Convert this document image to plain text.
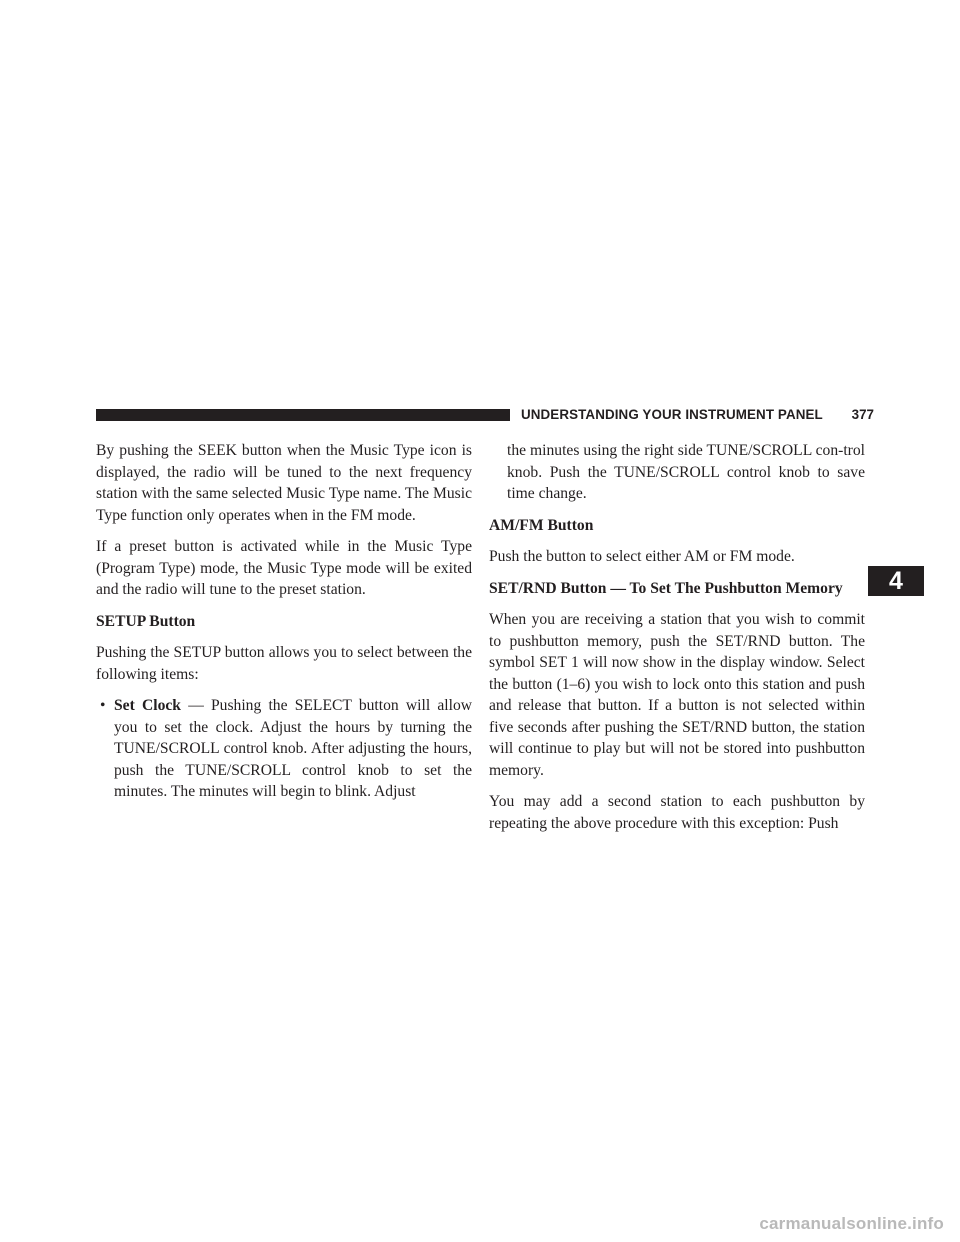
UNDERSTANDING YOUR INSTRUMENT PANEL	377
4

By pushing the SEEK button when the Music Type icon is displayed, the radio will be tuned to the next frequency station with the same selected Music Type name. The Music Type function only operates when in the FM mode.

If a preset button is activated while in the Music Type (Program Type) mode, the Music Type mode will be exited and the radio will tune to the preset station.

SETUP Button

Pushing the SETUP button allows you to select between the following items:

• Set Clock — Pushing the SELECT button will allow you to set the clock. Adjust the hours by turning the TUNE/SCROLL control knob. After adjusting the hours, push the TUNE/SCROLL control knob to set the minutes. The minutes will begin to blink. Adjust

the minutes using the right side TUNE/SCROLL con-trol knob. Push the TUNE/SCROLL control knob to save time change.

AM/FM Button

Push the button to select either AM or FM mode.

SET/RND Button — To Set The Pushbutton Memory

When you are receiving a station that you wish to commit to pushbutton memory, push the SET/RND button. The symbol SET 1 will now show in the display window. Select the button (1–6) you wish to lock onto this station and push and release that button. If a button is not selected within five seconds after pushing the SET/RND button, the station will continue to play but will not be stored into pushbutton memory.

You may add a second station to each pushbutton by repeating the above procedure with this exception: Push

carmanualsonline.info
